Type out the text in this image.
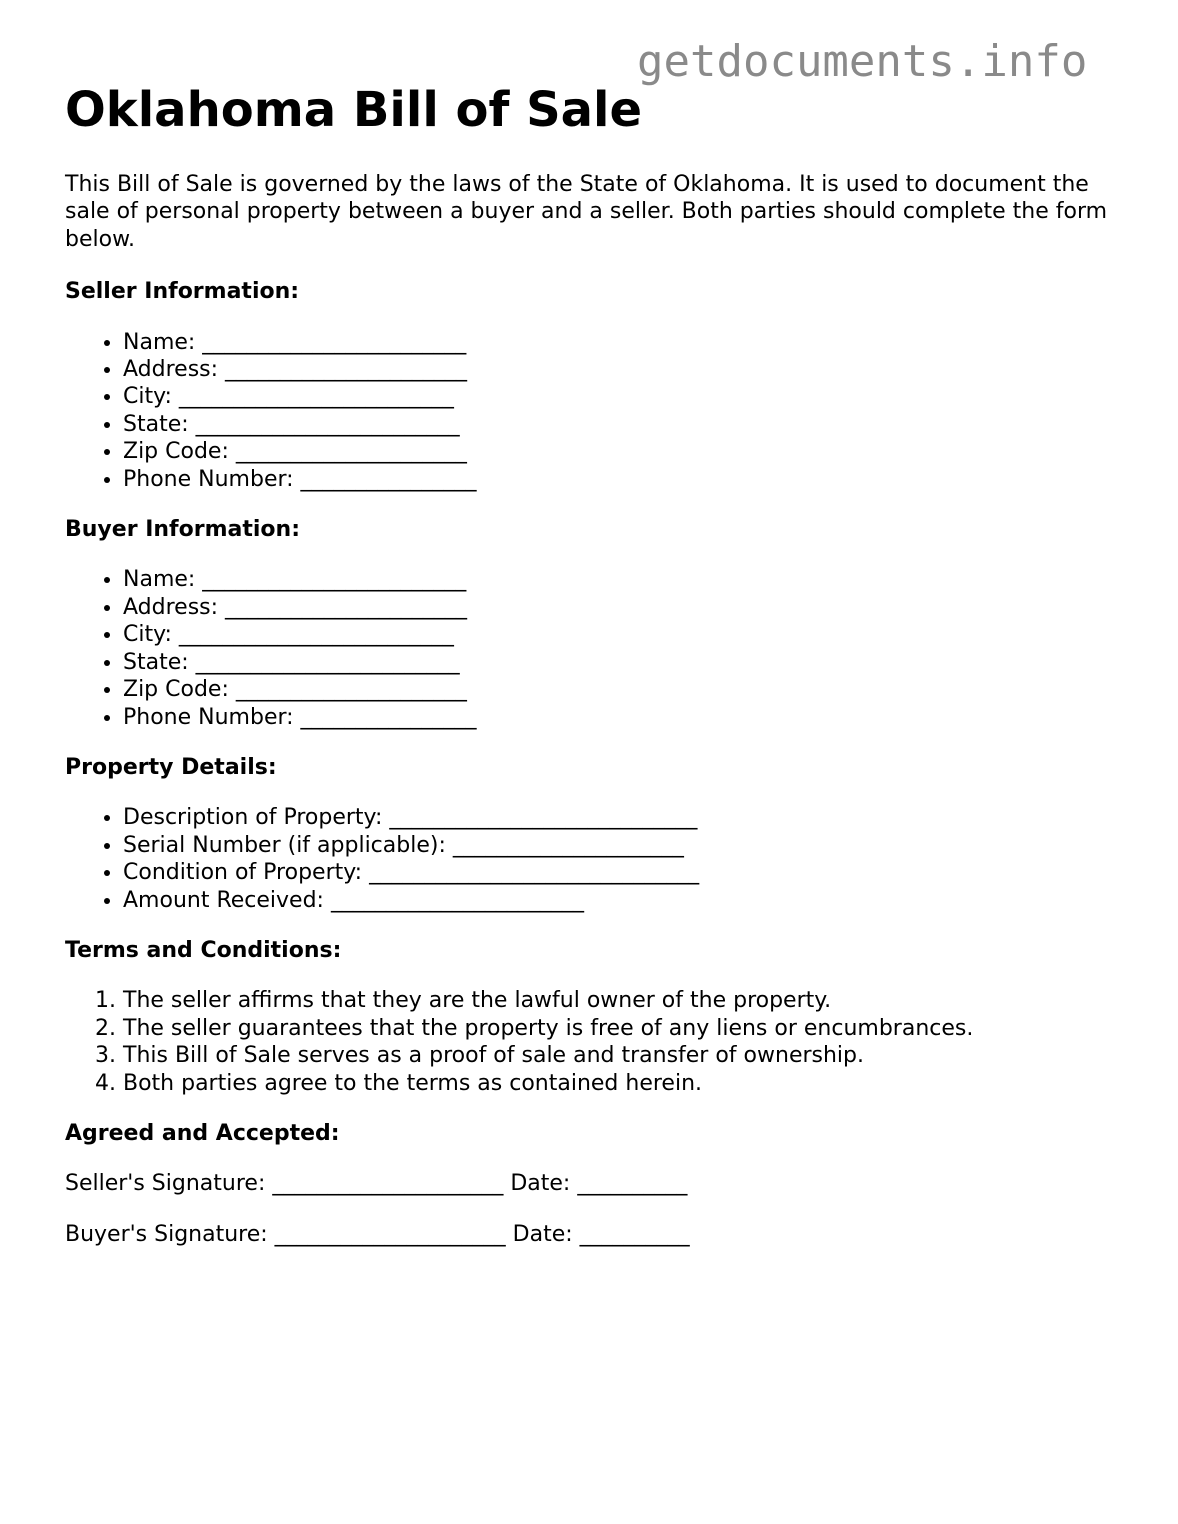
getdocuments.info
Oklahoma Bill of Sale

This Bill of Sale is governed by the laws of the State of Oklahoma. It is used to document the sale of personal property between a buyer and a seller. Both parties should complete the form below.

Seller Information:
• Name: ________________________
• Address: ______________________
• City: _________________________
• State: ________________________
• Zip Code: _____________________
• Phone Number: ________________
Buyer Information:
• Name: ________________________
• Address: ______________________
• City: _________________________
• State: ________________________
• Zip Code: _____________________
• Phone Number: ________________
Property Details:
• Description of Property: ____________________________
• Serial Number (if applicable): _____________________
• Condition of Property: ______________________________
• Amount Received: _______________________
Terms and Conditions:
1. The seller affirms that they are the lawful owner of the property.
2. The seller guarantees that the property is free of any liens or encumbrances.
3. This Bill of Sale serves as a proof of sale and transfer of ownership.
4. Both parties agree to the terms as contained herein.
Agreed and Accepted:

Seller's Signature: _____________________ Date: __________

Buyer's Signature: _____________________ Date: __________
